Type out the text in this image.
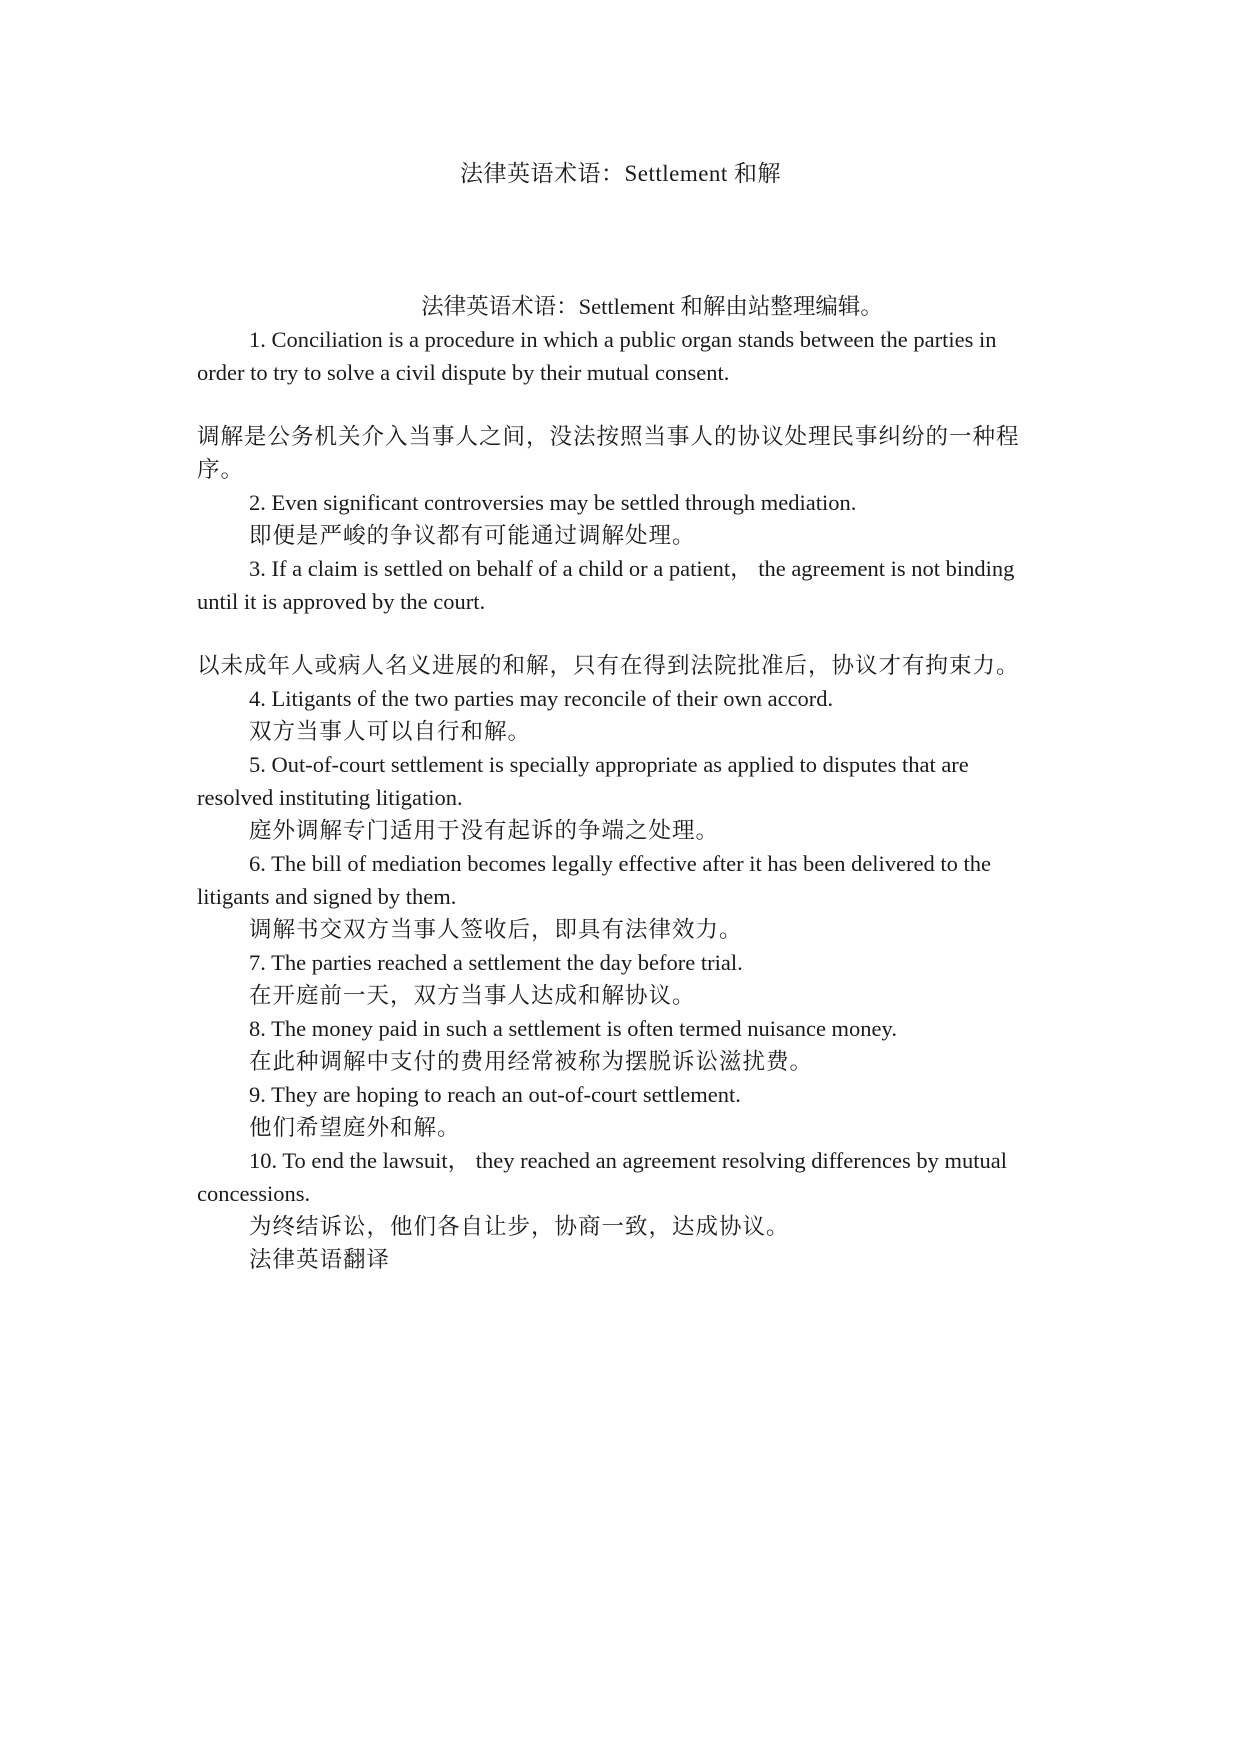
法律英语术语：Settlement 和解

法律英语术语：Settlement 和解由站整理编辑。

1. Conciliation is a procedure in which a public organ stands between the parties in order to try to solve a civil dispute by their mutual consent.

调解是公务机关介入当事人之间，没法按照当事人的协议处理民事纠纷的一种程序。

2. Even significant controversies may be settled through mediation.

即便是严峻的争议都有可能通过调解处理。

3. If a claim is settled on behalf of a child or a patient， the agreement is not binding until it is approved by the court.

以未成年人或病人名义进展的和解，只有在得到法院批准后，协议才有拘束力。

4. Litigants of the two parties may reconcile of their own accord.

双方当事人可以自行和解。

5. Out-of-court settlement is specially appropriate as applied to disputes that are resolved instituting litigation.

庭外调解专门适用于没有起诉的争端之处理。

6. The bill of mediation becomes legally effective after it has been delivered to the litigants and signed by them.

调解书交双方当事人签收后，即具有法律效力。

7. The parties reached a settlement the day before trial.

在开庭前一天，双方当事人达成和解协议。

8. The money paid in such a settlement is often termed nuisance money.

在此种调解中支付的费用经常被称为摆脱诉讼滋扰费。

9. They are hoping to reach an out-of-court settlement.

他们希望庭外和解。

10. To end the lawsuit， they reached an agreement resolving differences by mutual concessions.

为终结诉讼，他们各自让步，协商一致，达成协议。

法律英语翻译
